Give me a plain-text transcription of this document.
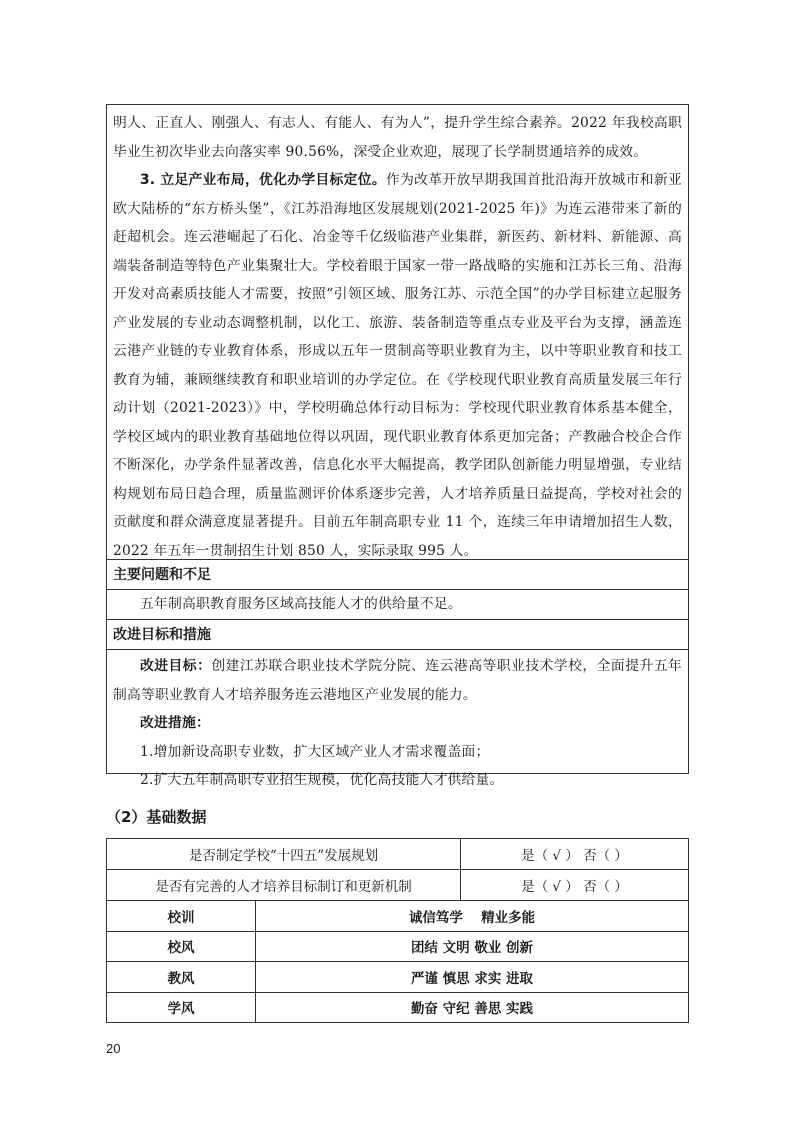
明人、正直人、刚强人、有志人、有能人、有为人”，提升学生综合素养。2022 年我校高职毕业生初次毕业去向落实率 90.56%，深受企业欢迎，展现了长学制贯通培养的成效。
3. 立足产业布局，优化办学目标定位。作为改革开放早期我国首批沿海开放城市和新亚欧大陆桥的“东方桥头堡”，《江苏沿海地区发展规划(2021-2025 年)》为连云港带来了新的赶超机会。连云港崛起了石化、冶金等千亿级临港产业集群，新医药、新材料、新能源、高端装备制造等特色产业集聚壮大。学校着眼于国家一带一路战略的实施和江苏长三角、沿海开发对高素质技能人才需要，按照“引领区域、服务江苏、示范全国”的办学目标建立起服务产业发展的专业动态调整机制，以化工、旅游、装备制造等重点专业及平台为支撑，涵盖连云港产业链的专业教育体系，形成以五年一贯制高等职业教育为主，以中等职业教育和技工教育为辅，兼顾继续教育和职业培训的办学定位。在《学校现代职业教育高质量发展三年行动计划（2021-2023）》中，学校明确总体行动目标为：学校现代职业教育体系基本健全，学校区域内的职业教育基础地位得以巩固，现代职业教育体系更加完备；产教融合校企合作不断深化，办学条件显著改善，信息化水平大幅提高，教学团队创新能力明显增强，专业结构规划布局日趋合理，质量监测评价体系逐步完善，人才培养质量日益提高，学校对社会的贡献度和群众满意度显著提升。目前五年制高职专业 11 个，连续三年申请增加招生人数，2022 年五年一贯制招生计划 850 人，实际录取 995 人。
主要问题和不足
五年制高职教育服务区域高技能人才的供给量不足。
改进目标和措施
改进目标：创建江苏联合职业技术学院分院、连云港高等职业技术学校，全面提升五年制高等职业教育人才培养服务连云港地区产业发展的能力。
改进措施：
1.增加新设高职专业数，扩大区域产业人才需求覆盖面；
2.扩大五年制高职专业招生规模，优化高技能人才供给量。
（2）基础数据
是否制定学校“十四五”发展规划	是（ √ ） 否（ ）
是否有完善的人才培养目标制订和更新机制	是（ √ ） 否（ ）
校训	诚信笃学　 精业多能
校风	团结 文明 敬业 创新
教风	严谨 慎思 求实 进取
学风	勤奋 守纪 善思 实践
20
